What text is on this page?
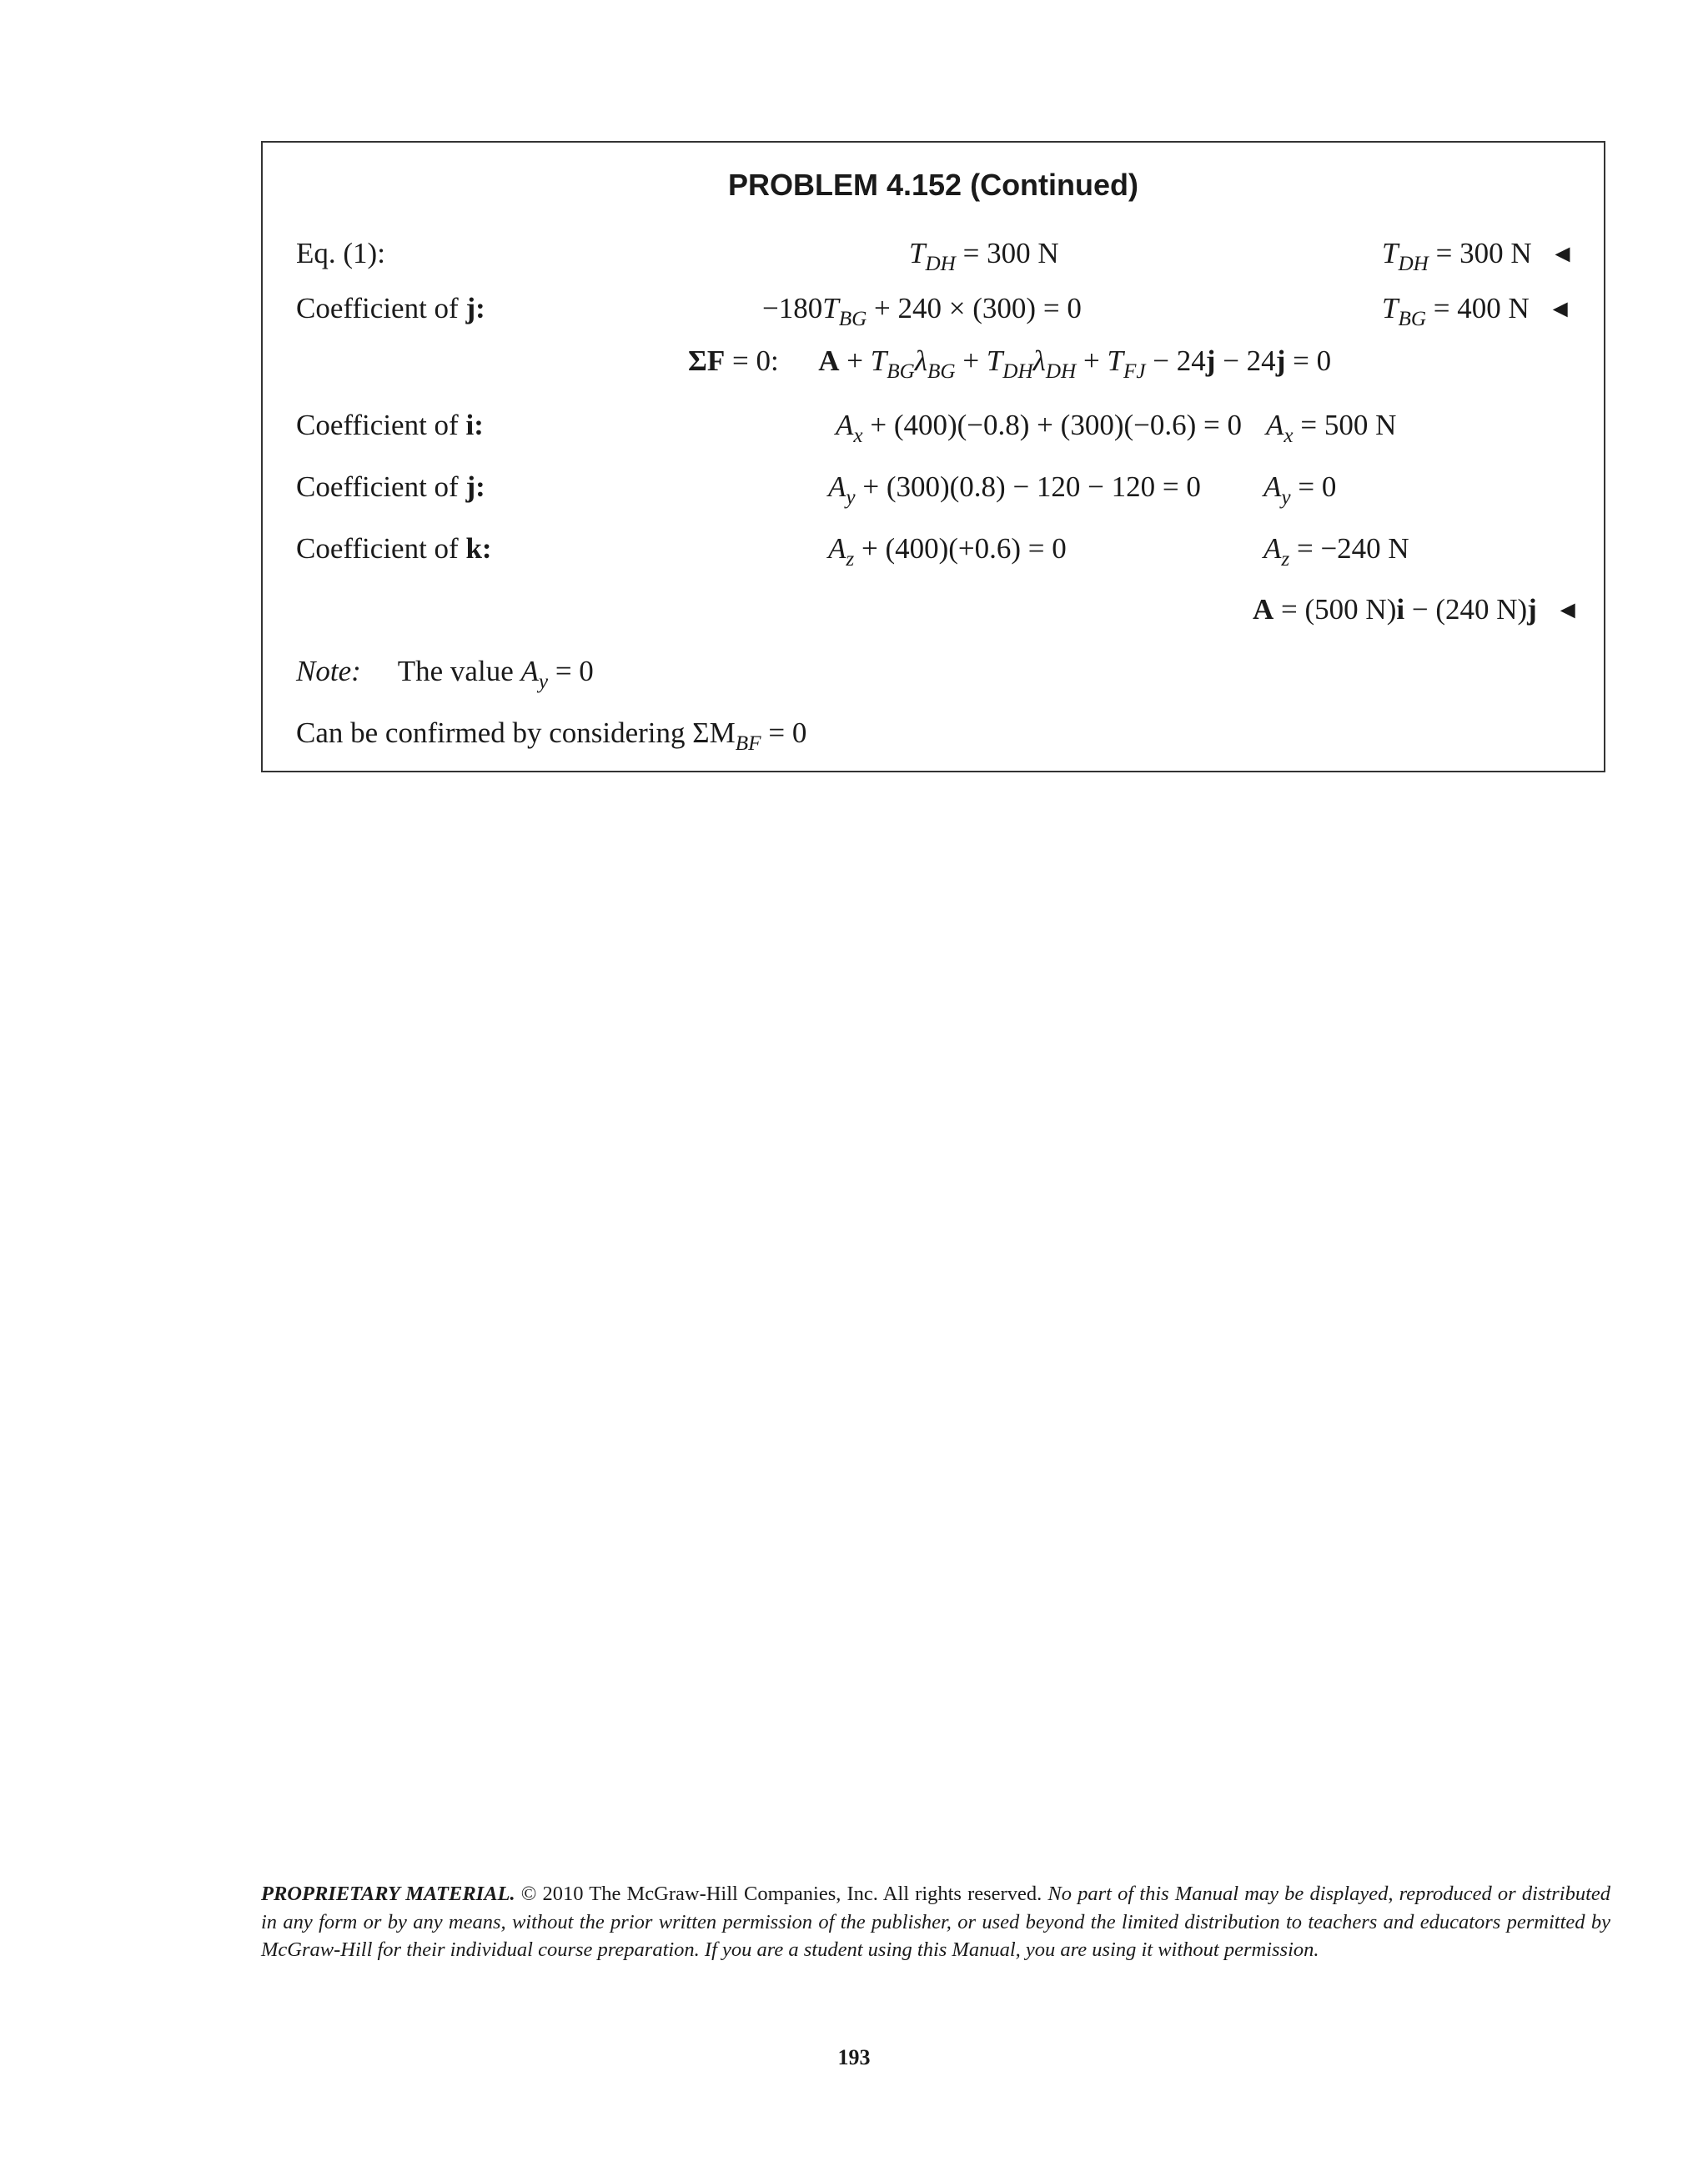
PROBLEM 4.152 (Continued)
Eq. (1):	$T_{DH} = 300$ N	$T_{DH} = 300$ N ◄
Coefficient of j:	$-180T_{BG} + 240 \times (300) = 0$	$T_{BG} = 400$ N ◄
ΣF = 0: $A + T_{BG}\lambda_{BG} + T_{DH}\lambda_{DH} + T_{FJ} - 24j - 24j = 0$
Coefficient of i:	$A_x + (400)(-0.8) + (300)(-0.6) = 0$ $A_x = 500$ N
Coefficient of j:	$A_y + (300)(0.8) - 120 - 120 = 0$ $A_y = 0$
Coefficient of k:	$A_z + (400)(+0.6) = 0$	$A_z = -240$ N
A = (500 N)i − (240 N)j ◄
Note: The value $A_y = 0$
Can be confirmed by considering $\Sigma M_{BF} = 0$
PROPRIETARY MATERIAL. © 2010 The McGraw-Hill Companies, Inc. All rights reserved. No part of this Manual may be displayed, reproduced or distributed in any form or by any means, without the prior written permission of the publisher, or used beyond the limited distribution to teachers and educators permitted by McGraw-Hill for their individual course preparation. If you are a student using this Manual, you are using it without permission.
193
